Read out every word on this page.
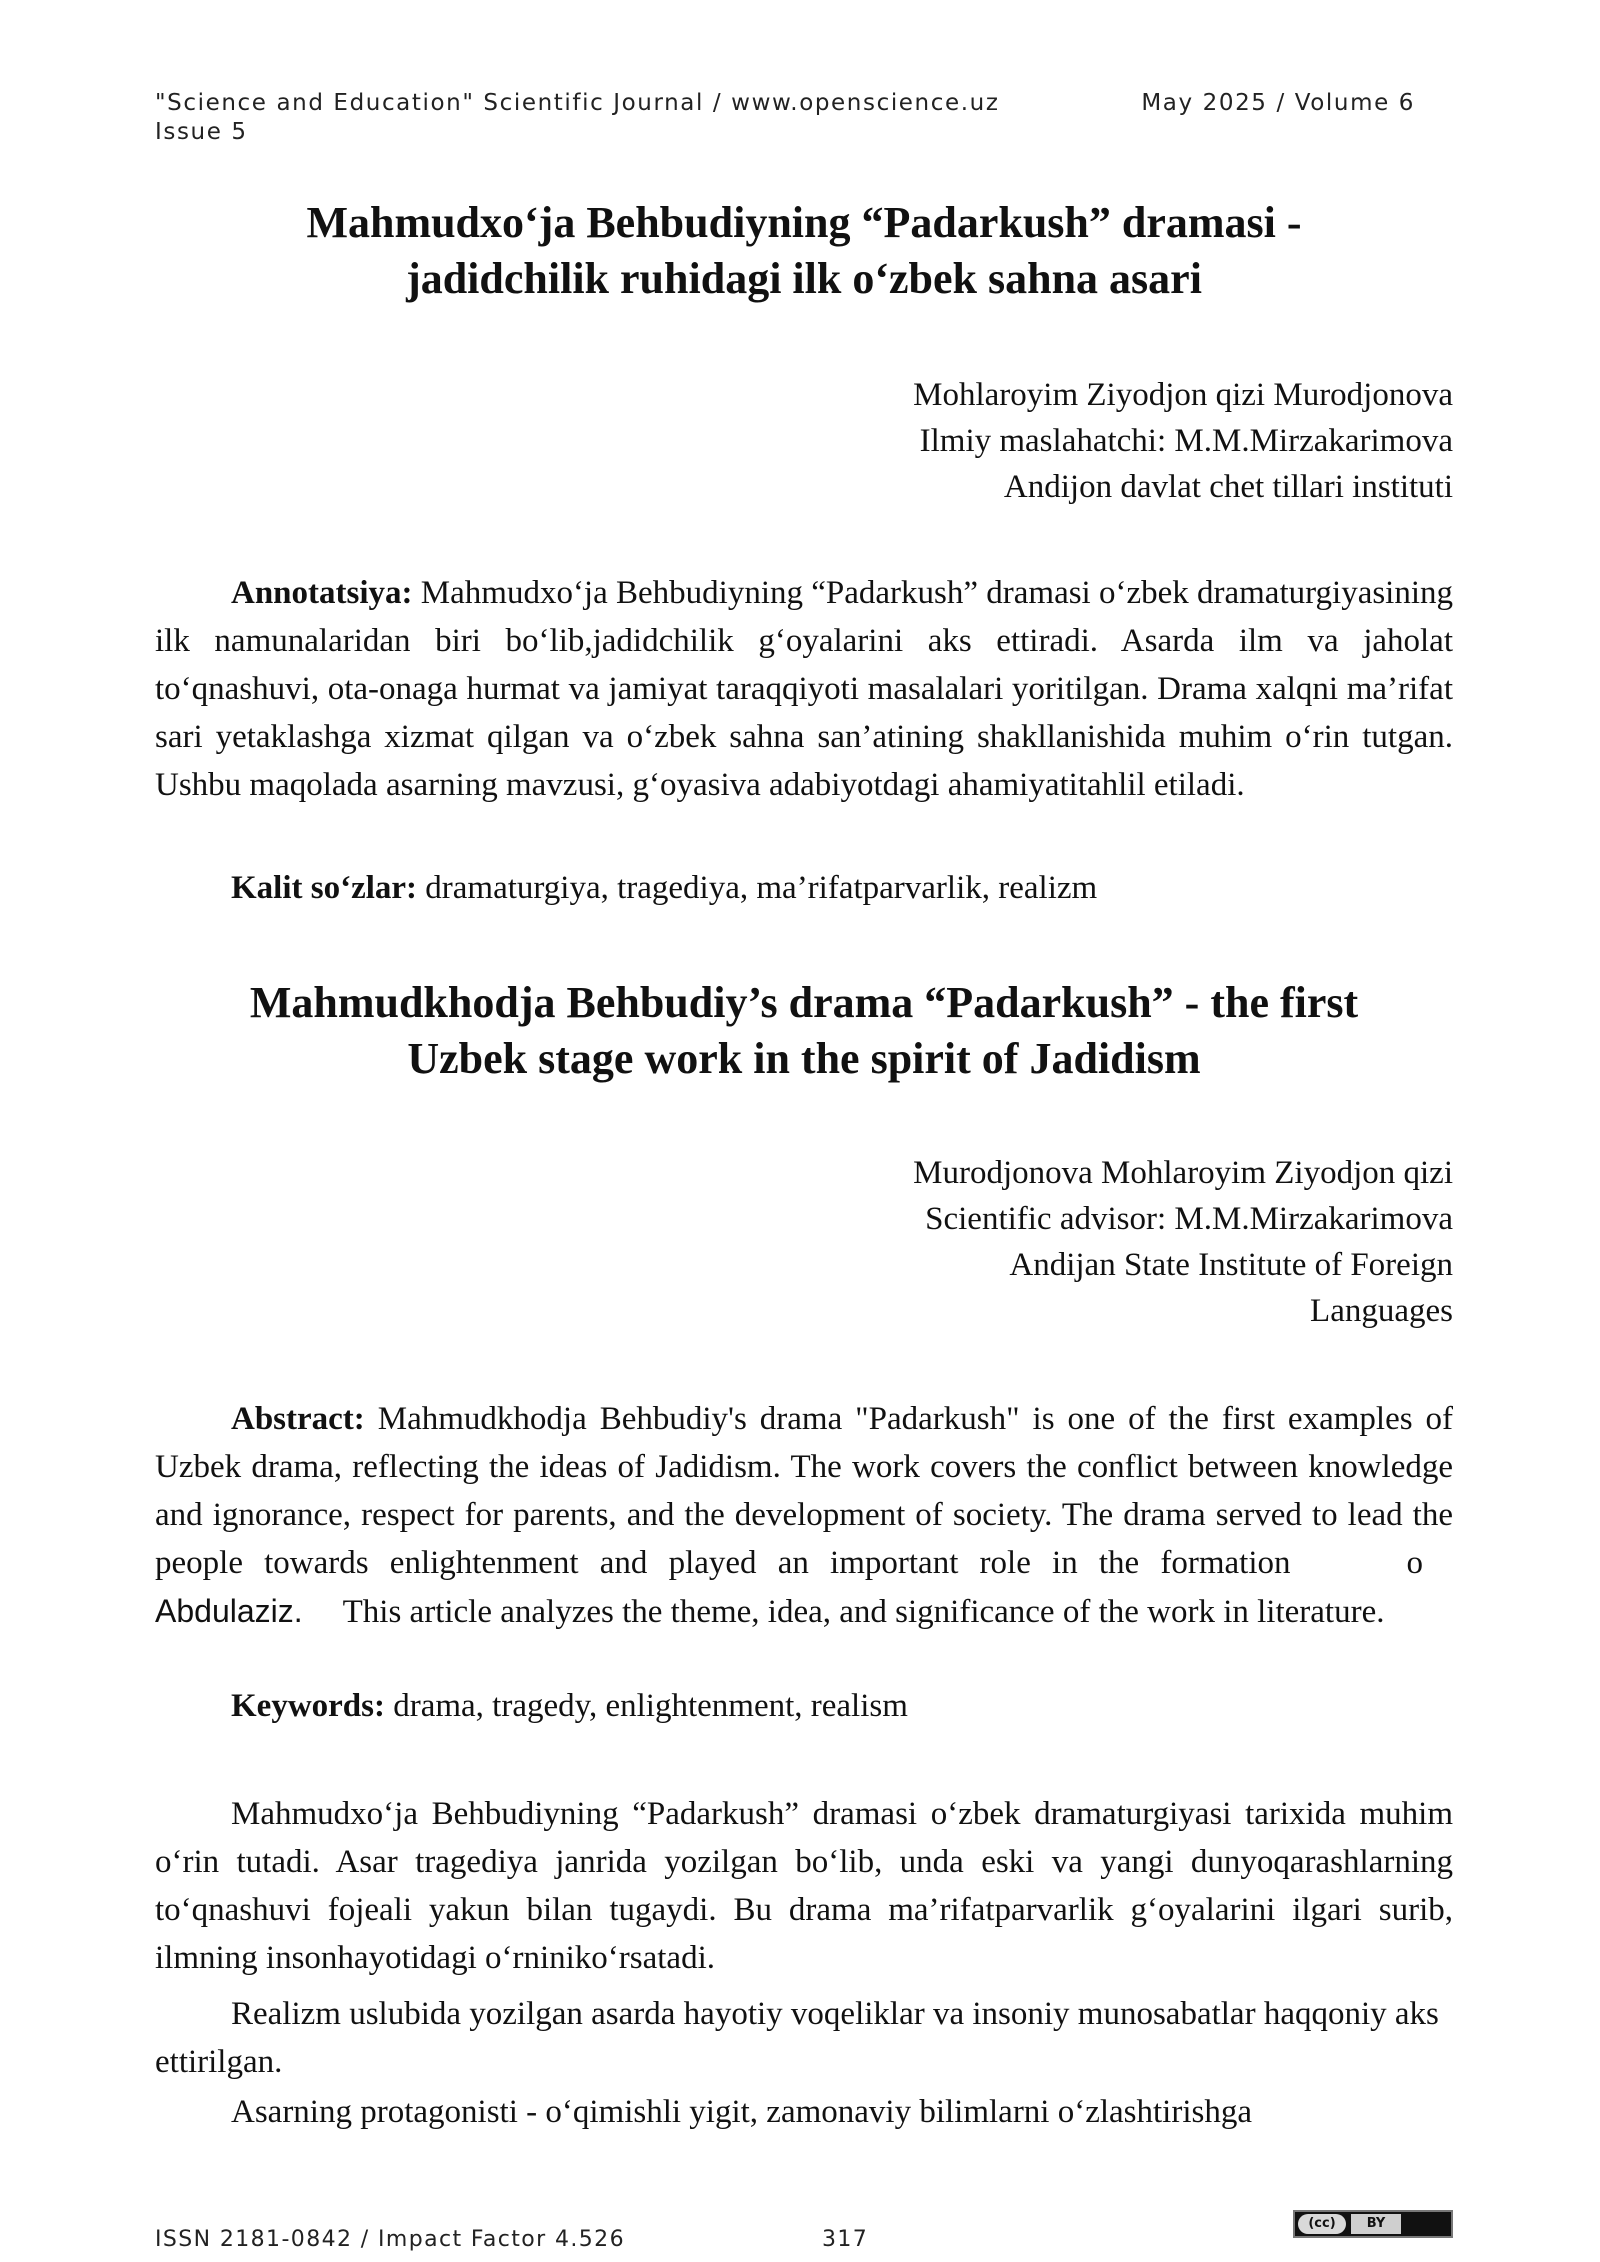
"Science and Education" Scientific Journal / www.openscience.uz	May 2025 / Volume 6
Issue 5
Mahmudxo‘ja Behbudiyning “Padarkush” dramasi -
jadidchilik ruhidagi ilk o‘zbek sahna asari
Mohlaroyim Ziyodjon qizi Murodjonova
Ilmiy maslahatchi: M.M.Mirzakarimova
Andijon davlat chet tillari instituti
Annotatsiya: Mahmudxo‘ja Behbudiyning “Padarkush” dramasi o‘zbek dramaturgiyasining ilk namunalaridan biri bo‘lib,jadidchilik g‘oyalarini aks ettiradi. Asarda ilm va jaholat to‘qnashuvi, ota-onaga hurmat va jamiyat taraqqiyoti masalalari yoritilgan. Drama xalqni ma’rifat sari yetaklashga xizmat qilgan va o‘zbek sahna san’atining shakllanishida muhim o‘rin tutgan. Ushbu maqolada asarning mavzusi, g‘oyasiva adabiyotdagi ahamiyatitahlil etiladi.
Kalit so‘zlar: dramaturgiya, tragediya, ma’rifatparvarlik, realizm
Mahmudkhodja Behbudiy’s drama “Padarkush” - the first
Uzbek stage work in the spirit of Jadidism
Murodjonova Mohlaroyim Ziyodjon qizi
Scientific advisor: M.M.Mirzakarimova
Andijan State Institute of Foreign
Languages
Abstract: Mahmudkhodja Behbudiy's drama "Padarkush" is one of the first examples of Uzbek drama, reflecting the ideas of Jadidism. The work covers the conflict between knowledge and ignorance, respect for parents, and the development of society. The drama served to lead the people towards enlightenment and played an important role in the formation	oAbdulaziz. This article analyzes the theme, idea, and significance of the work in literature.
Keywords: drama, tragedy, enlightenment, realism
Mahmudxo‘ja Behbudiyning “Padarkush” dramasi o‘zbek dramaturgiyasi tarixida muhim o‘rin tutadi. Asar tragediya janrida yozilgan bo‘lib, unda eski va yangi dunyoqarashlarning to‘qnashuvi fojeali yakun bilan tugaydi. Bu drama ma’rifatparvarlik g‘oyalarini ilgari surib, ilmning insonhayotidagi o‘rniniko‘rsatadi.
Realizm uslubida yozilgan asarda hayotiy voqeliklar va insoniy munosabatlar haqqoniy aks ettirilgan.
Asarning protagonisti - o‘qimishli yigit, zamonaviy bilimlarni o‘zlashtirishga
ISSN 2181-0842 / Impact Factor 4.526	317
(cc)	BY
